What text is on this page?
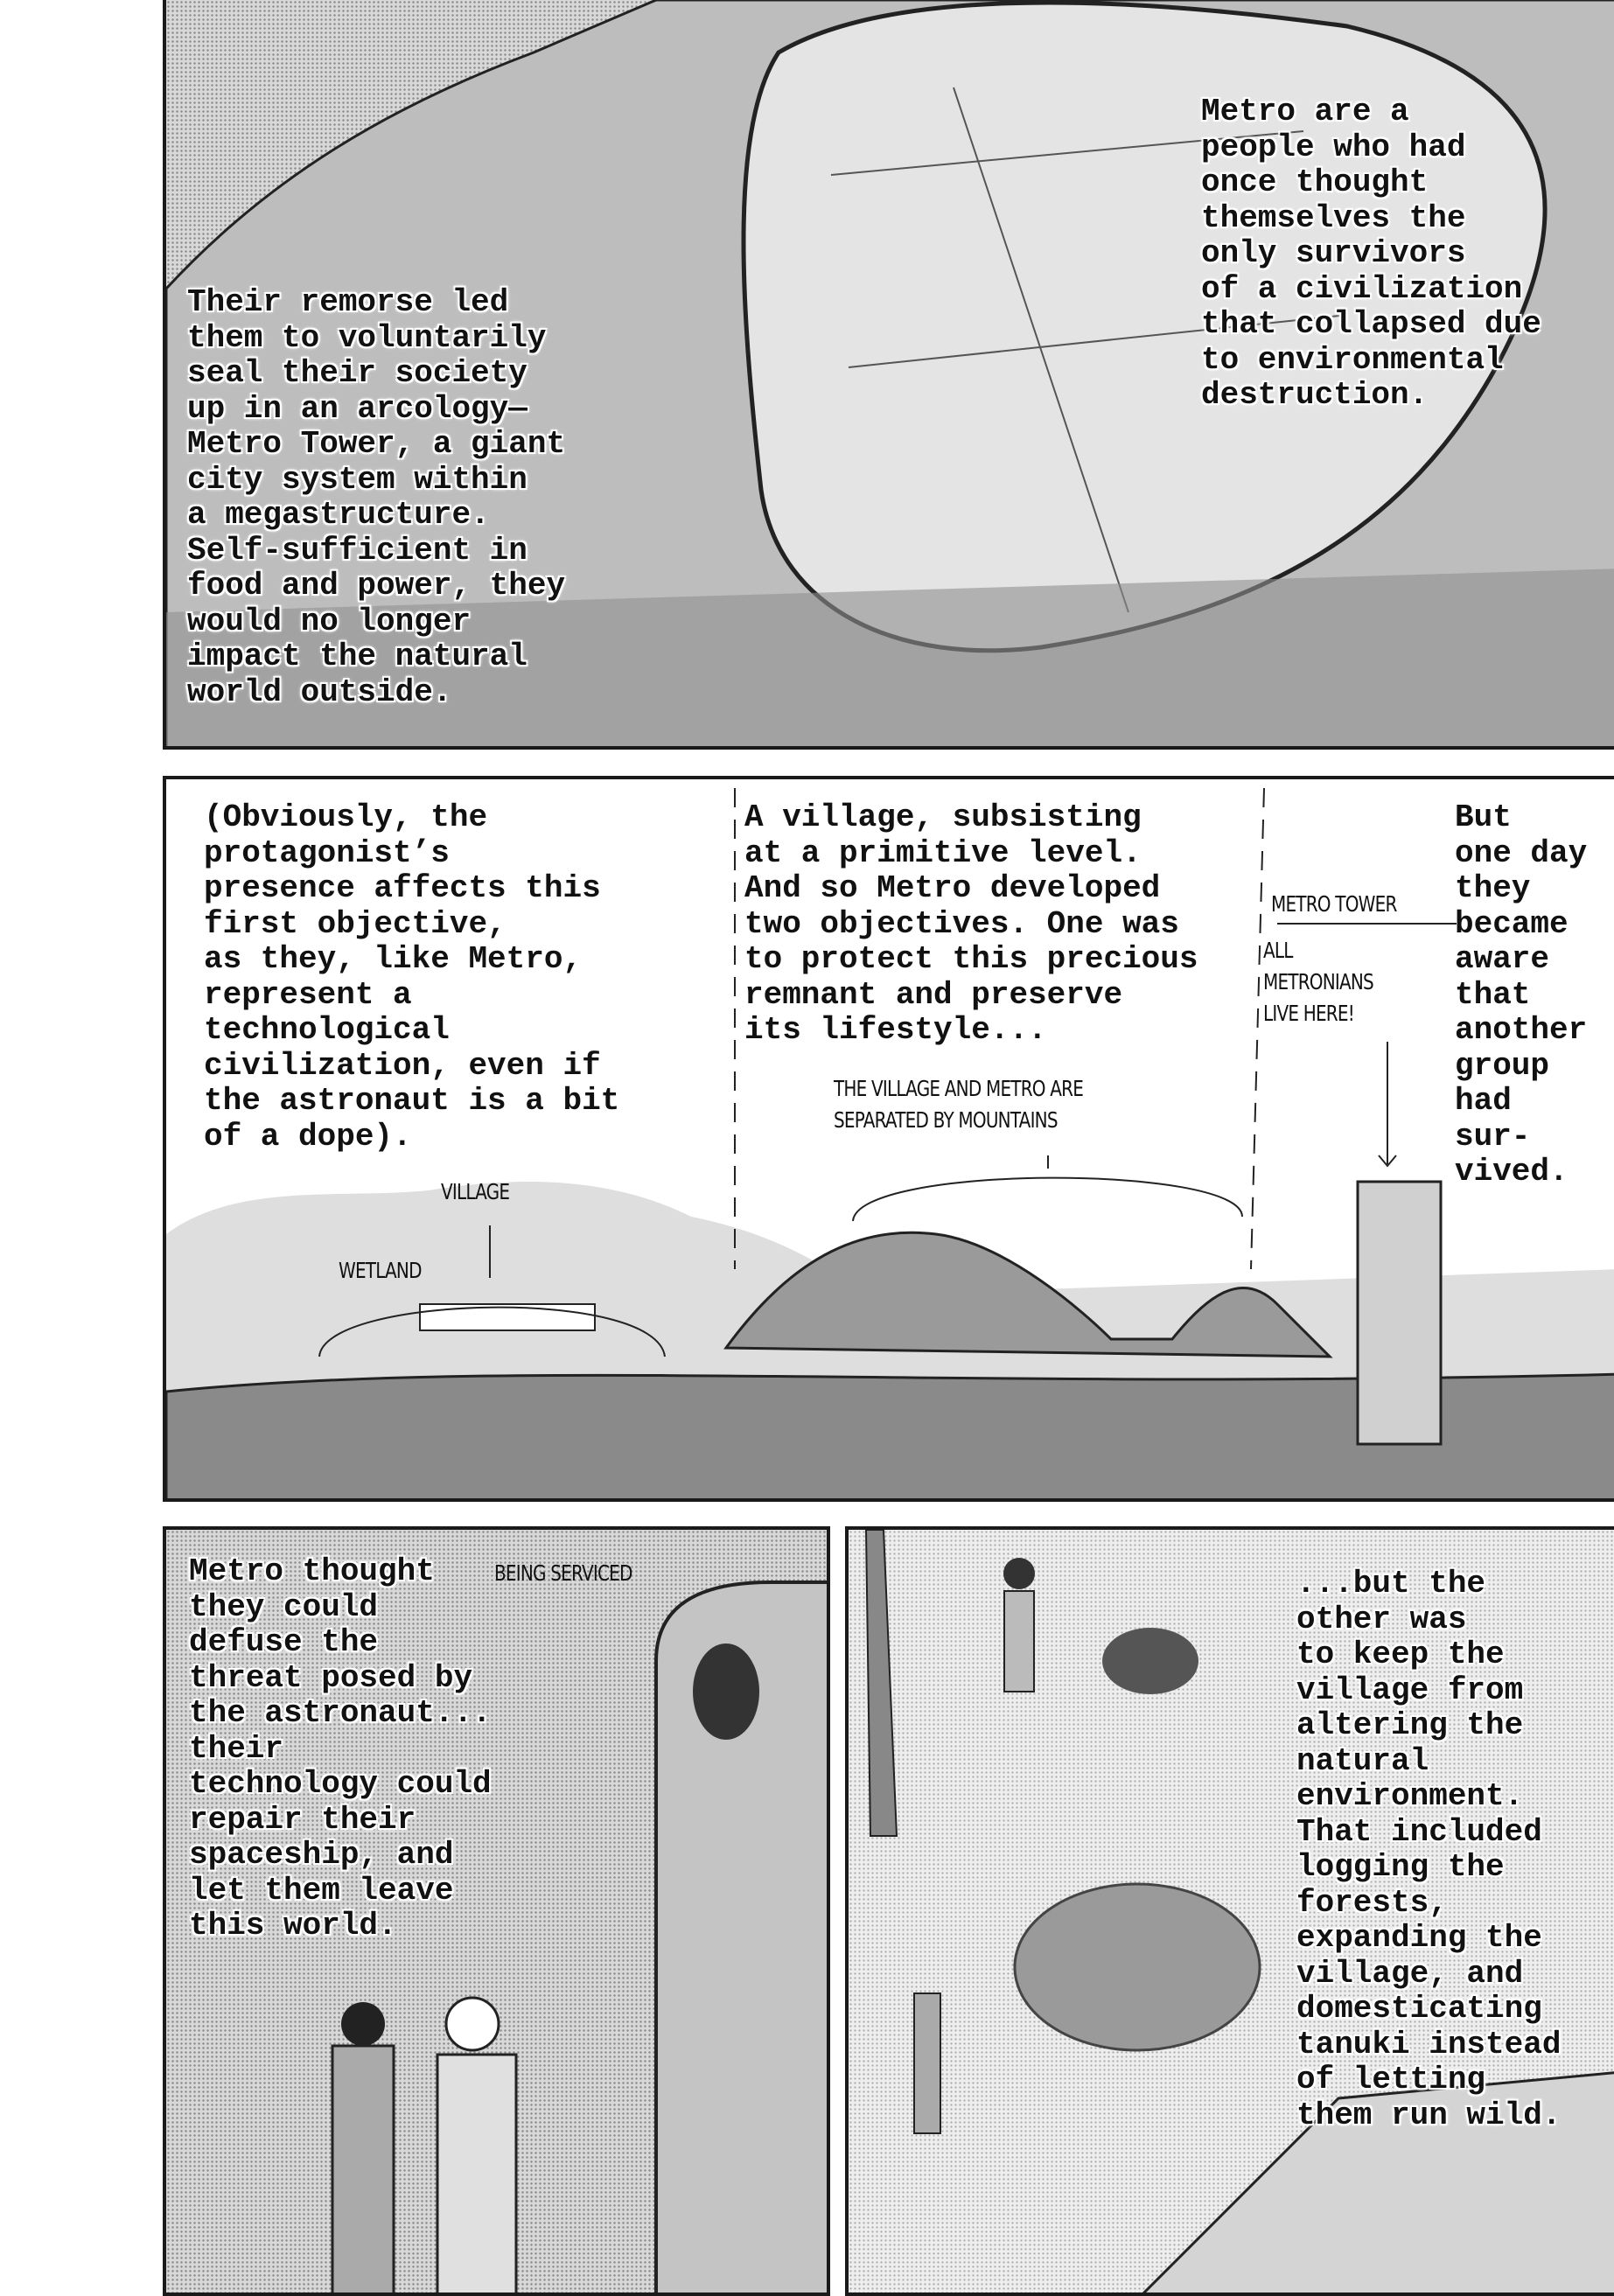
Metro are a
people who had
once thought
themselves the
only survivors
of a civilization
that collapsed due
to environmental
destruction.
Their remorse led
them to voluntarily
seal their society
up in an arcology—
Metro Tower, a giant
city system within
a megastructure.
Self-sufficient in
food and power, they
would no longer
impact the natural
world outside.
(Obviously, the
protagonist’s
presence affects this
first objective,
as they, like Metro,
represent a
technological
civilization, even if
the astronaut is a bit
of a dope).
A village, subsisting
at a primitive level.
And so Metro developed
two objectives. One was
to protect this precious
remnant and preserve
its lifestyle...
But
one day
they
became
aware
that
another
group
had
sur-
vived.
METRO TOWER
ALL
METRONIANS
LIVE HERE!
THE VILLAGE AND METRO ARE
SEPARATED BY MOUNTAINS
VILLAGE
WETLAND
Metro thought
they could
defuse the
threat posed by
the astronaut...
their
technology could
repair their
spaceship, and
let them leave
this world.
BEING SERVICED	...but the
other was
to keep the
village from
altering the
natural
environment.
That included
logging the
forests,
expanding the
village, and
domesticating
tanuki instead
of letting
them run wild.
